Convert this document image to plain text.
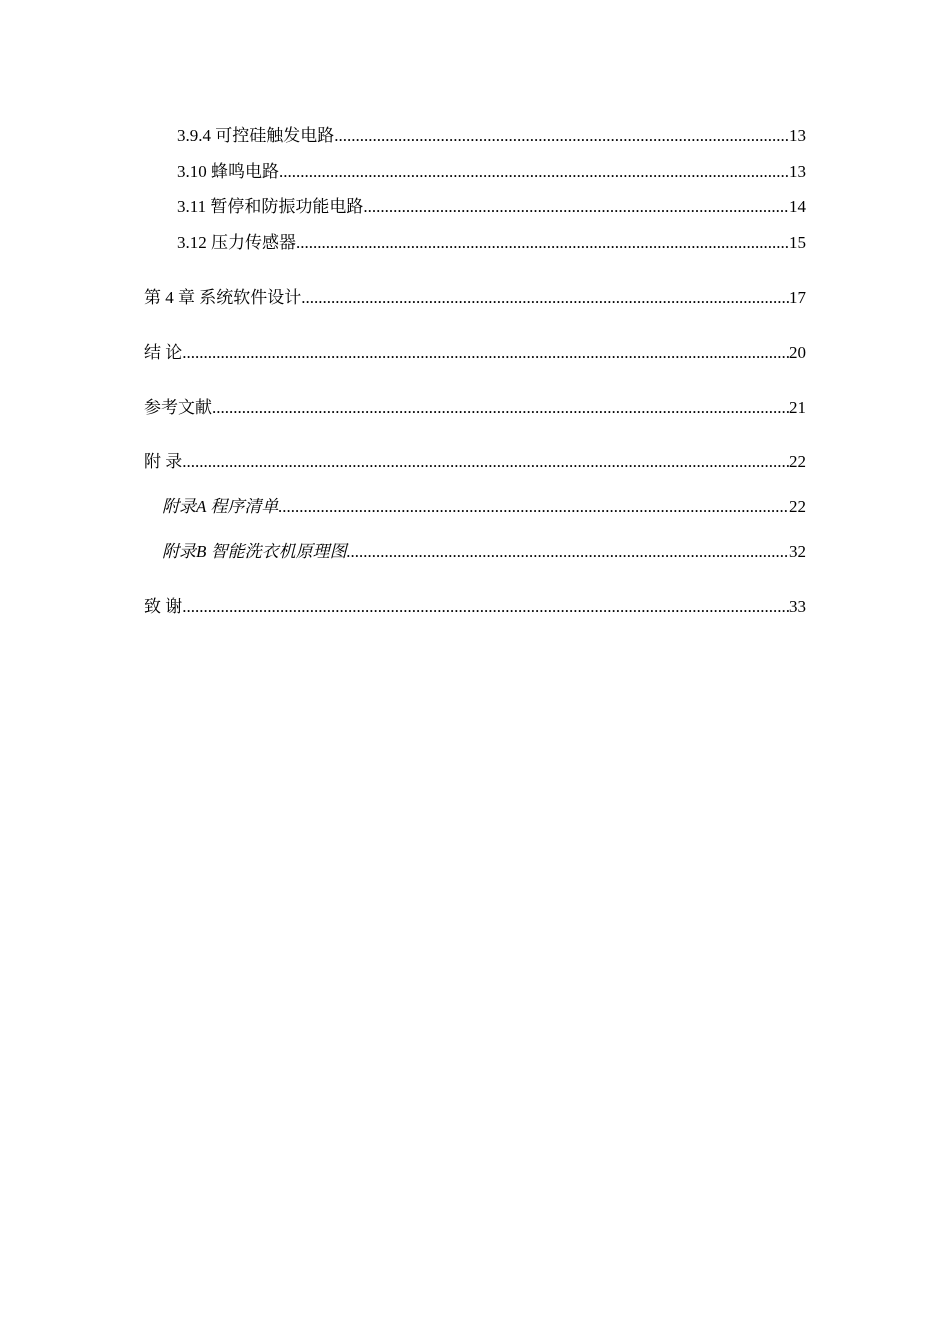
3.9.4 可控硅触发电路 .....	13
3.10 蜂鸣电路 .....	13
3.11 暂停和防振功能电路 .....	14
3.12 压力传感器 .....	15
第 4 章 系统软件设计 .....	17
结 论 .....	20
参考文献 .....	21
附 录 .....	22
附录A 程序清单 .....	22
附录B 智能洗衣机原理图 .....	32
致 谢 .....	33
